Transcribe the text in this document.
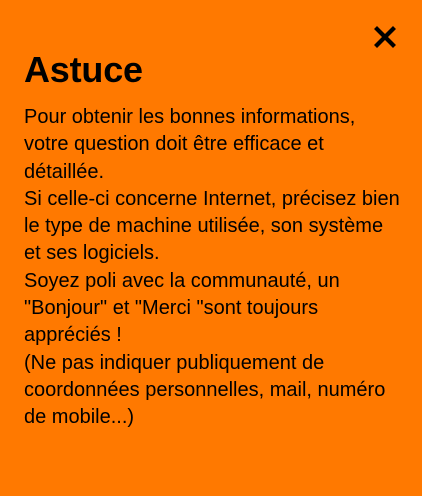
Astuce

Pour obtenir les bonnes informations, votre question doit être efficace et détaillée.

Si celle-ci concerne Internet, précisez bien le type de machine utilisée, son système et ses logiciels.

Soyez poli avec la communauté, un "Bonjour" et "Merci "sont toujours appréciés !

(Ne pas indiquer publiquement de coordonnées personnelles, mail, numéro de mobile...)
